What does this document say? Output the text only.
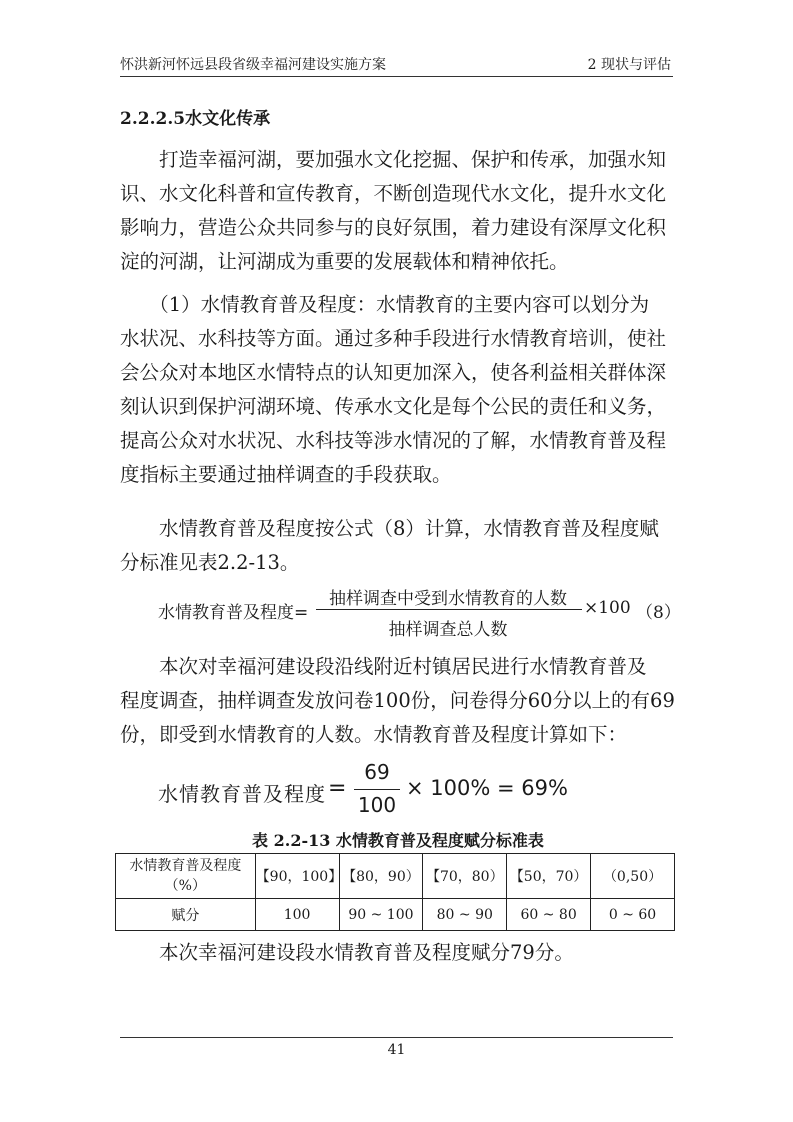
怀洪新河怀远县段省级幸福河建设实施方案	2 现状与评估
2.2.2.5水文化传承
　　打造幸福河湖，要加强水文化挖掘、保护和传承，加强水知
识、水文化科普和宣传教育，不断创造现代水文化，提升水文化
影响力，营造公众共同参与的良好氛围，着力建设有深厚文化积
淀的河湖，让河湖成为重要的发展载体和精神依托。
　　（1）水情教育普及程度：水情教育的主要内容可以划分为
水状况、水科技等方面。通过多种手段进行水情教育培训，使社
会公众对本地区水情特点的认知更加深入，使各利益相关群体深
刻认识到保护河湖环境、传承水文化是每个公民的责任和义务，
提高公众对水状况、水科技等涉水情况的了解，水情教育普及程
度指标主要通过抽样调查的手段获取。
　　水情教育普及程度按公式（8）计算，水情教育普及程度赋
分标准见表2.2-13。
水情教育普及程度=
抽样调查中受到水情教育的人数
抽样调查总人数
×100 （8）
　　本次对幸福河建设段沿线附近村镇居民进行水情教育普及
程度调查，抽样调查发放问卷100份，问卷得分60分以上的有69
份，即受到水情教育的人数。水情教育普及程度计算如下：
水情教育普及程度 =
69
100
× 100% = 69%
表 2.2-13 水情教育普及程度赋分标准表
水情教育普及程度（%）	【90，100】	【80，90）	【70，80）	【50，70）	（0,50）
赋分	100	90 ~ 100	80 ~ 90	60 ~ 80	0 ~ 60
　　本次幸福河建设段水情教育普及程度赋分79分。
41
